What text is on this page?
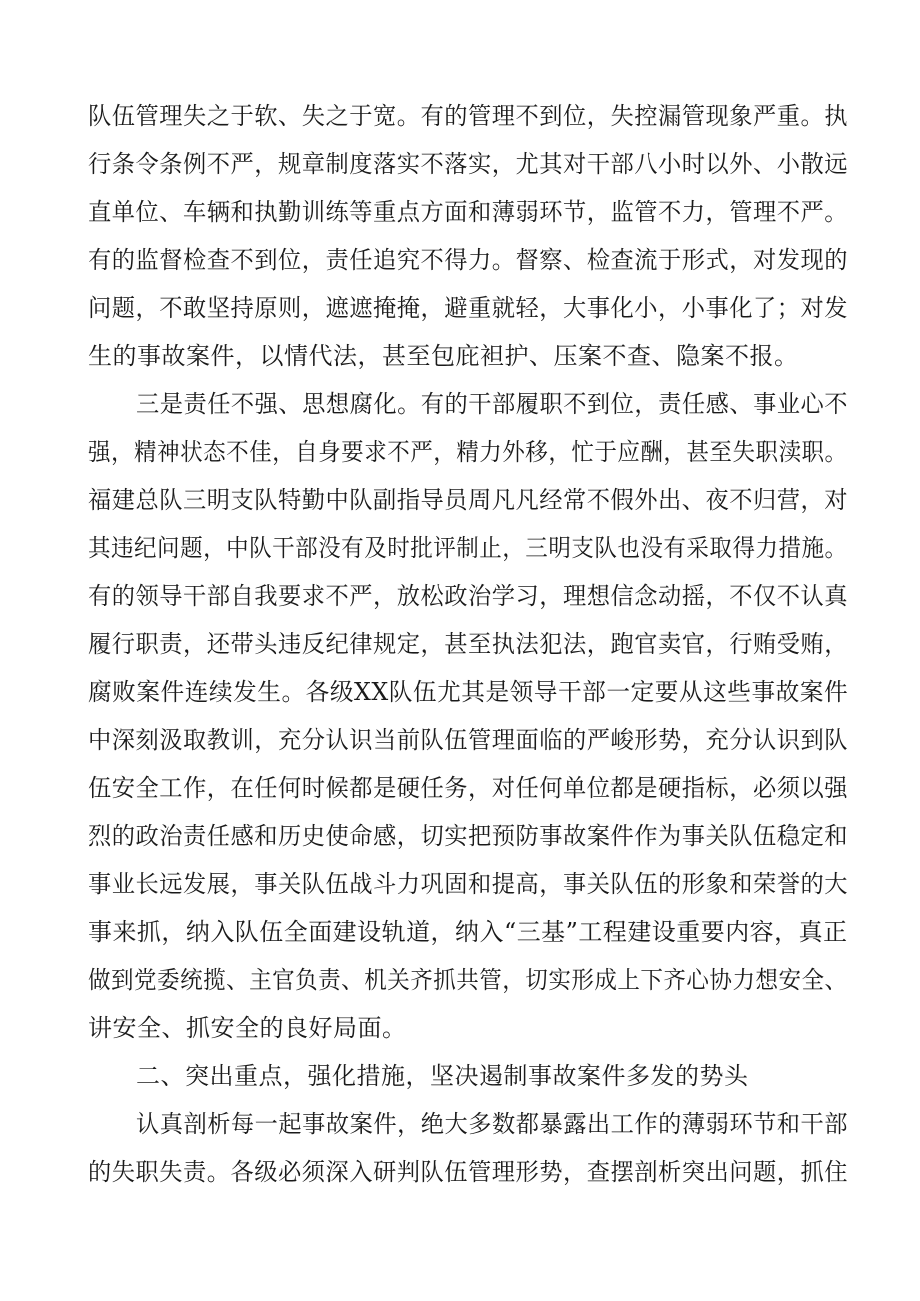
队伍管理失之于软、失之于宽。有的管理不到位，失控漏管现象严重。执
行条令条例不严，规章制度落实不落实，尤其对干部八小时以外、小散远
直单位、车辆和执勤训练等重点方面和薄弱环节，监管不力，管理不严。
有的监督检查不到位，责任追究不得力。督察、检查流于形式，对发现的
问题，不敢坚持原则，遮遮掩掩，避重就轻，大事化小，小事化了；对发
生的事故案件，以情代法，甚至包庇袒护、压案不查、隐案不报。
三是责任不强、思想腐化。有的干部履职不到位，责任感、事业心不
强，精神状态不佳，自身要求不严，精力外移，忙于应酬，甚至失职渎职。
福建总队三明支队特勤中队副指导员周凡凡经常不假外出、夜不归营，对
其违纪问题，中队干部没有及时批评制止，三明支队也没有采取得力措施。
有的领导干部自我要求不严，放松政治学习，理想信念动摇，不仅不认真
履行职责，还带头违反纪律规定，甚至执法犯法，跑官卖官，行贿受贿，
腐败案件连续发生。各级XX队伍尤其是领导干部一定要从这些事故案件
中深刻汲取教训，充分认识当前队伍管理面临的严峻形势，充分认识到队
伍安全工作，在任何时候都是硬任务，对任何单位都是硬指标，必须以强
烈的政治责任感和历史使命感，切实把预防事故案件作为事关队伍稳定和
事业长远发展，事关队伍战斗力巩固和提高，事关队伍的形象和荣誉的大
事来抓，纳入队伍全面建设轨道，纳入“三基”工程建设重要内容，真正
做到党委统揽、主官负责、机关齐抓共管，切实形成上下齐心协力想安全、
讲安全、抓安全的良好局面。
二、突出重点，强化措施，坚决遏制事故案件多发的势头
认真剖析每一起事故案件，绝大多数都暴露出工作的薄弱环节和干部
的失职失责。各级必须深入研判队伍管理形势，查摆剖析突出问题，抓住
